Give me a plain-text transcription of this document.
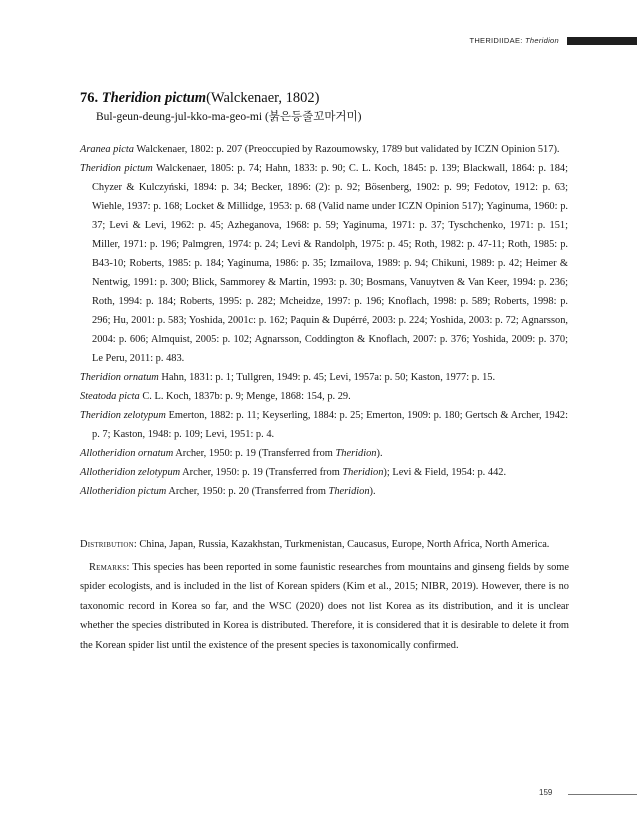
THERIDIIDAE: Theridion
76. Theridion pictum(Walckenaer, 1802)
Bul-geun-deung-jul-kko-ma-geo-mi (붉은등줄꼬마거미)

Aranea picta Walckenaer, 1802: p. 207 (Preoccupied by Razoumowsky, 1789 but validated by ICZN Opinion 517).

Theridion pictum Walckenaer, 1805: p. 74; Hahn, 1833: p. 90; C. L. Koch, 1845: p. 139; Blackwall, 1864: p. 184; Chyzer & Kulczyński, 1894: p. 34; Becker, 1896: (2): p. 92; Bösenberg, 1902: p. 99; Fedotov, 1912: p. 63; Wiehle, 1937: p. 168; Locket & Millidge, 1953: p. 68 (Valid name under ICZN Opinion 517); Yaginuma, 1960: p. 37; Levi & Levi, 1962: p. 45; Azheganova, 1968: p. 59; Yaginuma, 1971: p. 37; Tyschchenko, 1971: p. 151; Miller, 1971: p. 196; Palmgren, 1974: p. 24; Levi & Randolph, 1975: p. 45; Roth, 1982: p. 47-11; Roth, 1985: p. B43-10; Roberts, 1985: p. 184; Yaginuma, 1986: p. 35; Izmailova, 1989: p. 94; Chikuni, 1989: p. 42; Heimer & Nentwig, 1991: p. 300; Blick, Sammorey & Martin, 1993: p. 30; Bosmans, Vanuytven & Van Keer, 1994: p. 236; Roth, 1994: p. 184; Roberts, 1995: p. 282; Mcheidze, 1997: p. 196; Knoflach, 1998: p. 589; Roberts, 1998: p. 296; Hu, 2001: p. 583; Yoshida, 2001c: p. 162; Paquin & Dupérré, 2003: p. 224; Yoshida, 2003: p. 72; Agnarsson, 2004: p. 606; Almquist, 2005: p. 102; Agnarsson, Coddington & Knoflach, 2007: p. 376; Yoshida, 2009: p. 370; Le Peru, 2011: p. 483.

Theridion ornatum Hahn, 1831: p. 1; Tullgren, 1949: p. 45; Levi, 1957a: p. 50; Kaston, 1977: p. 15.

Steatoda picta C. L. Koch, 1837b: p. 9; Menge, 1868: 154, p. 29.

Theridion zelotypum Emerton, 1882: p. 11; Keyserling, 1884: p. 25; Emerton, 1909: p. 180; Gertsch & Archer, 1942: p. 7; Kaston, 1948: p. 109; Levi, 1951: p. 4.

Allotheridion ornatum Archer, 1950: p. 19 (Transferred from Theridion).

Allotheridion zelotypum Archer, 1950: p. 19 (Transferred from Theridion); Levi & Field, 1954: p. 442.

Allotheridion pictum Archer, 1950: p. 20 (Transferred from Theridion).

Distribution: China, Japan, Russia, Kazakhstan, Turkmenistan, Caucasus, Europe, North Africa, North America.

Remarks: This species has been reported in some faunistic researches from mountains and ginseng fields by some spider ecologists, and is included in the list of Korean spiders (Kim et al., 2015; NIBR, 2019). However, there is no taxonomic record in Korea so far, and the WSC (2020) does not list Korea as its distribution, and it is unclear whether the species distributed in Korea is distributed. Therefore, it is considered that it is desirable to delete it from the Korean spider list until the existence of the present species is taxonomically confirmed.

159
